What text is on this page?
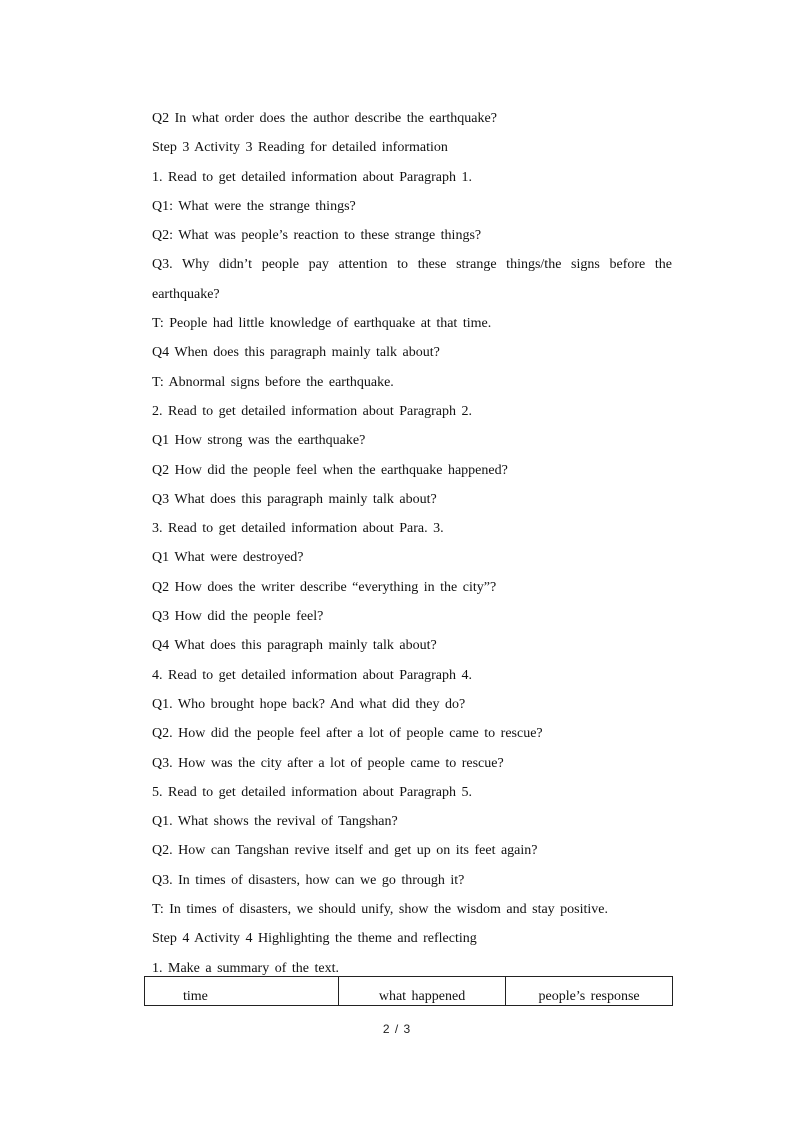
Q2 In what order does the author describe the earthquake?

Step 3 Activity 3 Reading for detailed information

1. Read to get detailed information about Paragraph 1.

Q1: What were the strange things?

Q2: What was people’s reaction to these strange things?

Q3. Why didn’t people pay attention to these strange things/the signs before the earthquake?

T: People had little knowledge of earthquake at that time.

Q4 When does this paragraph mainly talk about?

T: Abnormal signs before the earthquake.

2. Read to get detailed information about Paragraph 2.

Q1 How strong was the earthquake?

Q2 How did the people feel when the earthquake happened?

Q3 What does this paragraph mainly talk about?

3. Read to get detailed information about Para. 3.

Q1 What were destroyed?

Q2 How does the writer describe “everything in the city”?

Q3 How did the people feel?

Q4 What does this paragraph mainly talk about?

4. Read to get detailed information about Paragraph 4.

Q1. Who brought hope back? And what did they do?

Q2. How did the people feel after a lot of people came to rescue?

Q3. How was the city after a lot of people came to rescue?

5. Read to get detailed information about Paragraph 5.

Q1. What shows the revival of Tangshan?

Q2. How can Tangshan revive itself and get up on its feet again?

Q3. In times of disasters, how can we go through it?

T: In times of disasters, we should unify, show the wisdom and stay positive.

Step 4 Activity 4 Highlighting the theme and reflecting

1. Make a summary of the text.

time	what happened	people’s response
2 / 3
